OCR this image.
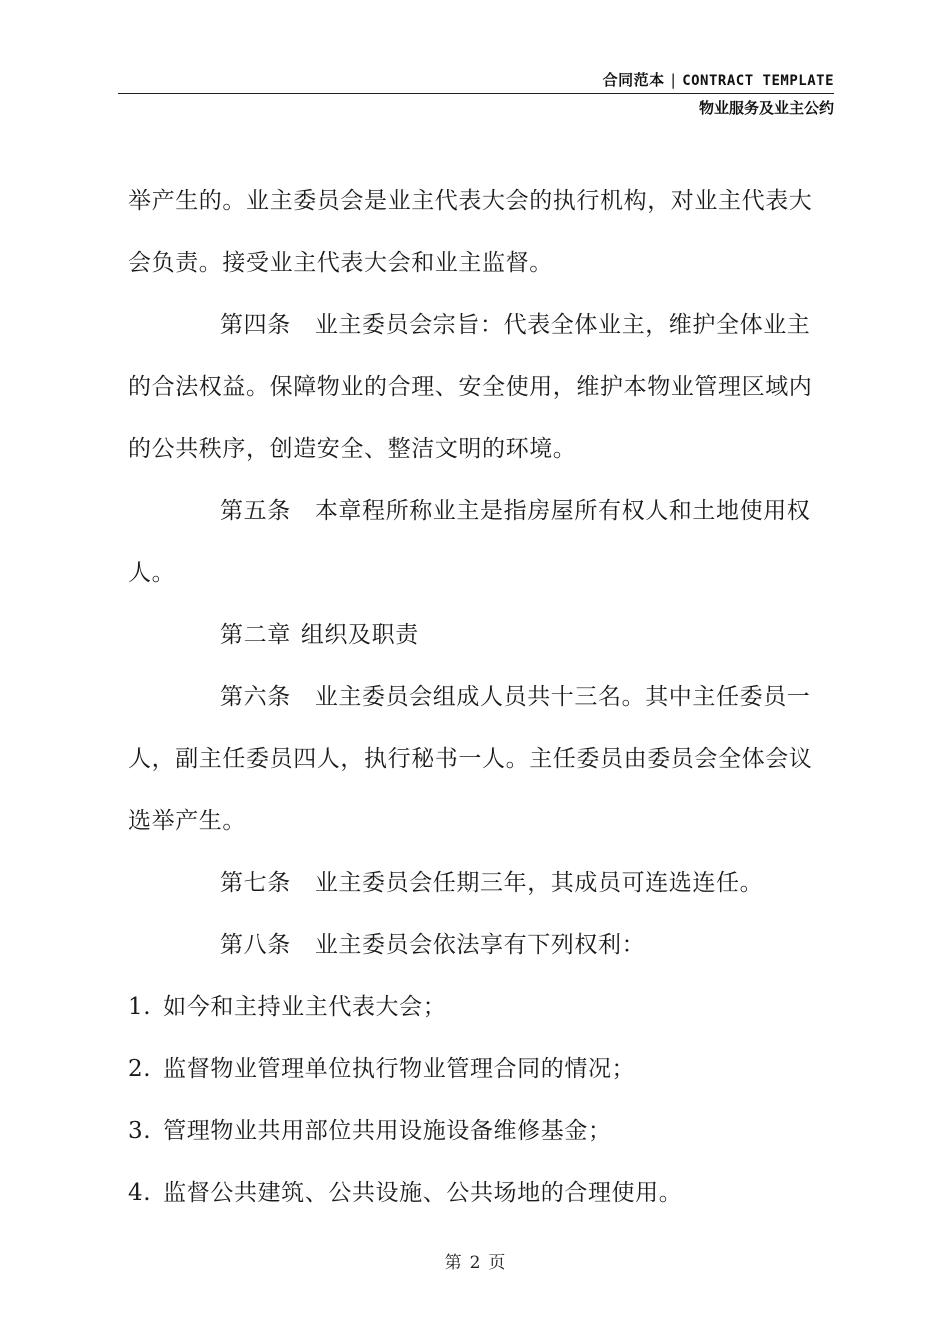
合同范本 | CONTRACT TEMPLATE
物业服务及业主公约

举产生的。业主委员会是业主代表大会的执行机构，对业主代表大会负责。接受业主代表大会和业主监督。

第四条 业主委员会宗旨：代表全体业主，维护全体业主的合法权益。保障物业的合理、安全使用，维护本物业管理区域内的公共秩序，创造安全、整洁文明的环境。

第五条 本章程所称业主是指房屋所有权人和土地使用权人。

第二章 组织及职责

第六条 业主委员会组成人员共十三名。其中主任委员一人，副主任委员四人，执行秘书一人。主任委员由委员会全体会议选举产生。

第七条 业主委员会任期三年，其成员可连选连任。

第八条 业主委员会依法享有下列权利：

1. 如今和主持业主代表大会；

2. 监督物业管理单位执行物业管理合同的情况；

3. 管理物业共用部位共用设施设备维修基金；

4. 监督公共建筑、公共设施、公共场地的合理使用。

第 2 页
